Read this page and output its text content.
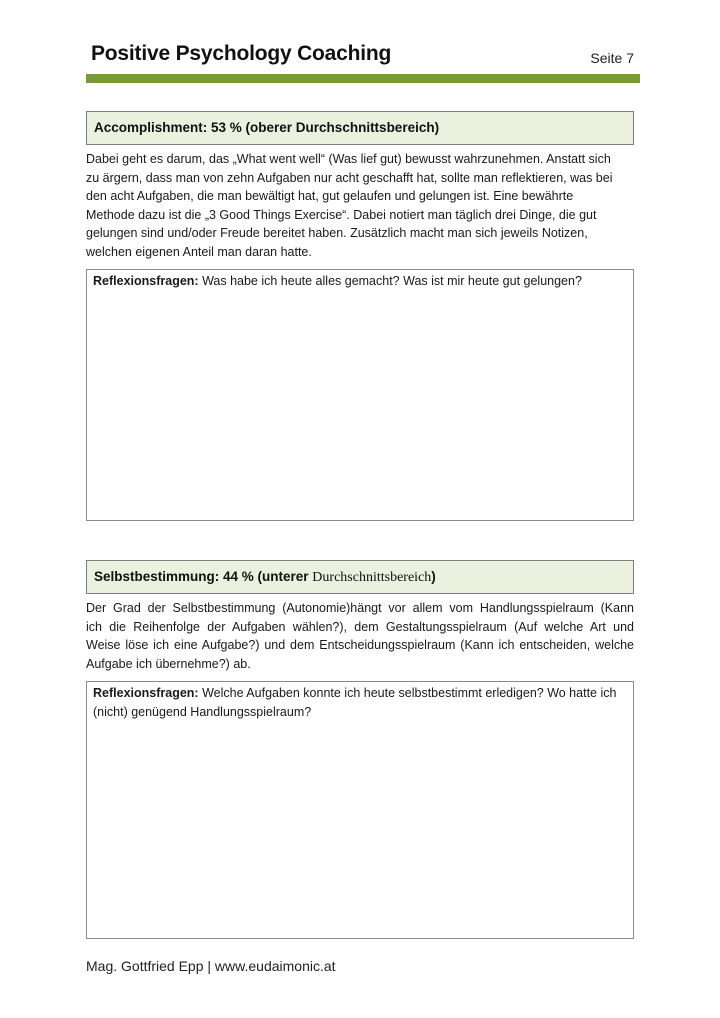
Positive Psychology Coaching	Seite 7
Accomplishment: 53 % (oberer Durchschnittsbereich)

Dabei geht es darum, das „What went well“ (Was lief gut) bewusst wahrzunehmen. Anstatt sich
zu ärgern, dass man von zehn Aufgaben nur acht geschafft hat, sollte man reflektieren, was bei
den acht Aufgaben, die man bewältigt hat, gut gelaufen und gelungen ist. Eine bewährte
Methode dazu ist die „3 Good Things Exercise“. Dabei notiert man täglich drei Dinge, die gut
gelungen sind und/oder Freude bereitet haben. Zusätzlich macht man sich jeweils Notizen,
welchen eigenen Anteil man daran hatte.

Reflexionsfragen: Was habe ich heute alles gemacht? Was ist mir heute gut gelungen?
Selbstbestimmung: 44 % (unterer Durchschnittsbereich)

Der Grad der Selbstbestimmung (Autonomie)hängt vor allem vom Handlungsspielraum (Kann
ich die Reihenfolge der Aufgaben wählen?), dem Gestaltungsspielraum (Auf welche Art und
Weise löse ich eine Aufgabe?) und dem Entscheidungsspielraum (Kann ich entscheiden, welche
Aufgabe ich übernehme?) ab.

Reflexionsfragen: Welche Aufgaben konnte ich heute selbstbestimmt erledigen? Wo hatte ich (nicht) genügend Handlungsspielraum?
Mag. Gottfried Epp | www.eudaimonic.at
